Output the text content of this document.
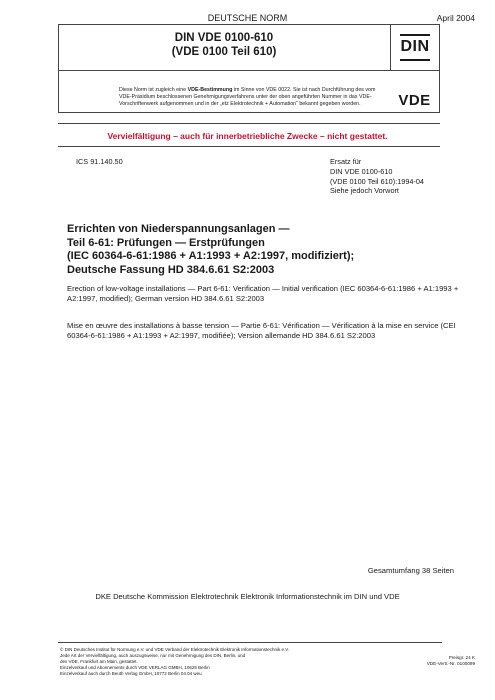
DEUTSCHE NORM	April 2004
DIN VDE 0100-610
(VDE 0100 Teil 610)	DIN
Diese Norm ist zugleich eine VDE-Bestimmung im Sinne von VDE 0022. Sie ist nach Durchführung des vom VDE-Präsidium beschlossenen Genehmigungsverfahrens unter der oben angeführten Nummer in das VDE-Vorschriftenwerk aufgenommen und in der „etz Elektrotechnik + Automation“ bekannt gegeben worden.	VDE
Vervielfältigung – auch für innerbetriebliche Zwecke – nicht gestattet.
ICS 91.140.50	Ersatz für
DIN VDE 0100-610
(VDE 0100 Teil 610):1994-04
Siehe jedoch Vorwort
Errichten von Niederspannungsanlagen —
Teil 6-61: Prüfungen — Erstprüfungen
(IEC 60364-6-61:1986 + A1:1993 + A2:1997, modifiziert);
Deutsche Fassung HD 384.6.61 S2:2003
Erection of low-voltage installations — Part 6-61: Verification — Initial verification (IEC 60364-6-61:1986 + A1:1993 + A2:1997, modified); German version HD 384.6.61 S2:2003
Mise en œuvre des installations à basse tension — Partie 6-61: Vérification — Vérification à la mise en service (CEI 60364-6-61:1986 + A1:1993 + A2:1997, modifiée); Version allemande HD 384.6.61 S2:2003
Gesamtumfang 38 Seiten
DKE Deutsche Kommission Elektrotechnik Elektronik Informationstechnik im DIN und VDE
© DIN Deutsches Institut für Normung e.V. und VDE Verband der Elektrotechnik Elektronik Informationstechnik e.V.
Jede Art der Vervielfältigung, auch auszugsweise, nur mit Genehmigung des DIN, Berlin, und
des VDE, Frankfurt am Main, gestattet.
Einzelverkauf und Abonnements durch VDE VERLAG GMBH, 10625 Berlin
Einzelverkauf auch durch Beuth Verlag GmbH, 10772 Berlin 04.04 weu
Preisgr. 24 K
VDE-Vertr.-Nr. 0100099
